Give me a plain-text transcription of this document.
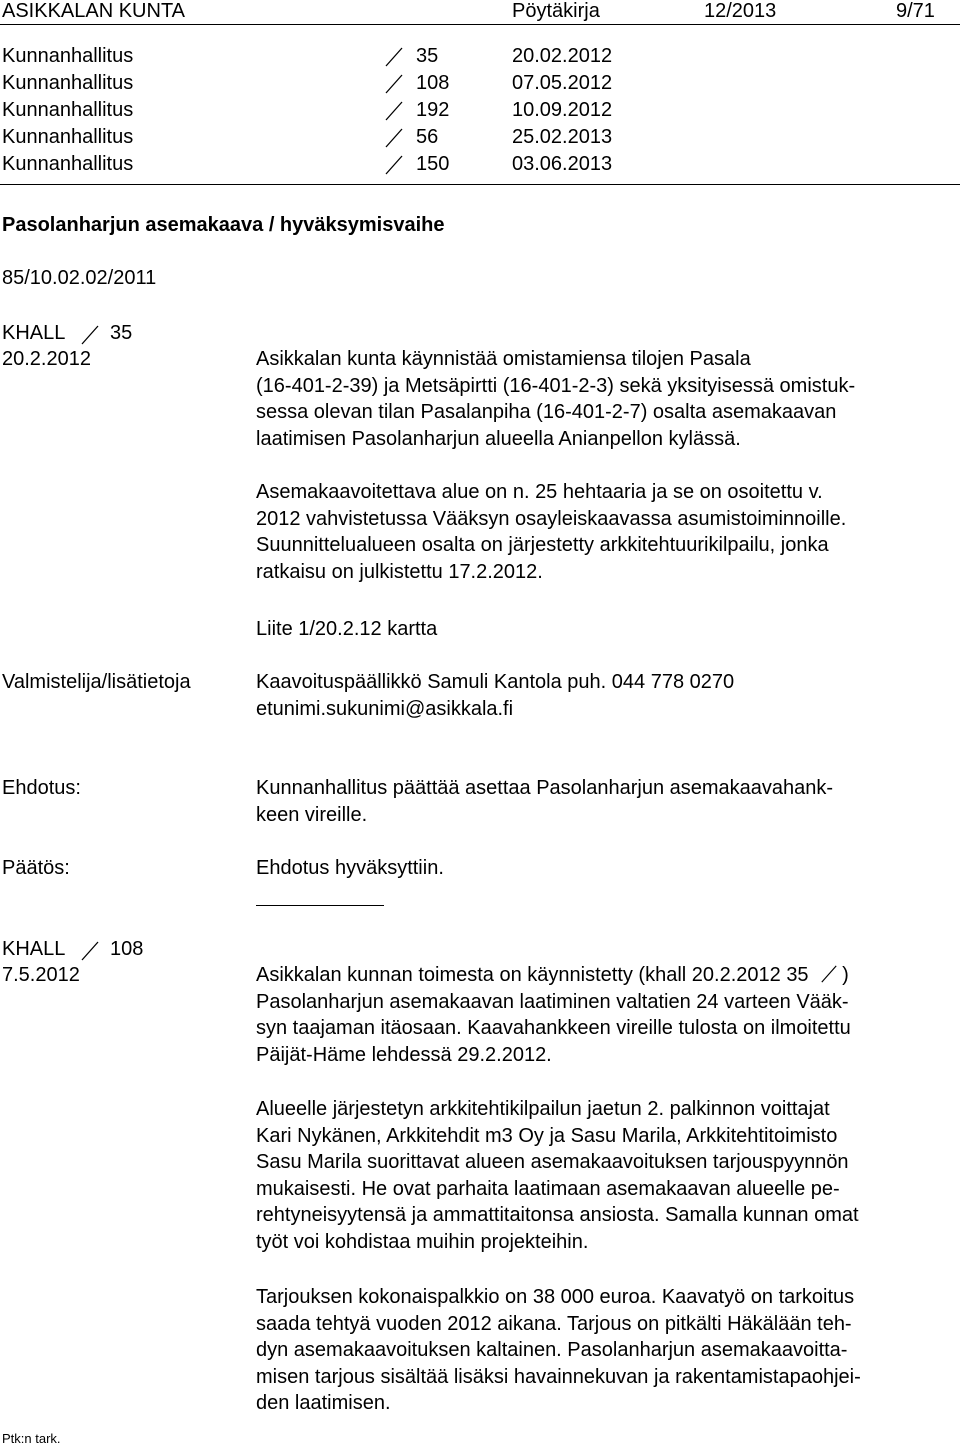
ASIKKALAN KUNTA	Pöytäkirja	12/2013	9/71
Kunnanhallitus	35	20.02.2012
Kunnanhallitus	108	07.05.2012
Kunnanhallitus	192	10.09.2012
Kunnanhallitus	56	25.02.2013
Kunnanhallitus	150	03.06.2013
Pasolanharjun asemakaava / hyväksymisvaihe
85/10.02.02/2011
KHALL 35
20.2.2012	Asikkalan kunta käynnistää omistamiensa tilojen Pasala
(16-401-2-39) ja Metsäpirtti (16-401-2-3) sekä yksityisessä omistuk-
sessa olevan tilan Pasalanpiha (16-401-2-7) osalta asemakaavan
laatimisen Pasolanharjun alueella Anianpellon kylässä.
Asemakaavoitettava alue on n. 25 hehtaaria ja se on osoitettu v.
2012 vahvistetussa Vääksyn osayleiskaavassa asumistoiminnoille.
Suunnittelualueen osalta on järjestetty arkkitehtuurikilpailu, jonka
ratkaisu on julkistettu 17.2.2012.
Liite 1/20.2.12 kartta
Valmistelija/lisätietoja	Kaavoituspäällikkö Samuli Kantola puh. 044 778 0270
etunimi.sukunimi@asikkala.fi
Ehdotus:	Kunnanhallitus päättää asettaa Pasolanharjun asemakaavahank-
keen vireille.
Päätös:	Ehdotus hyväksyttiin.
KHALL 108
7.5.2012	Asikkalan kunnan toimesta on käynnistetty (khall 20.2.2012 35 )
Pasolanharjun asemakaavan laatiminen valtatien 24 varteen Vääk-
syn taajaman itäosaan. Kaavahankkeen vireille tulosta on ilmoitettu
Päijät-Häme lehdessä 29.2.2012.
Alueelle järjestetyn arkkitehtikilpailun jaetun 2. palkinnon voittajat
Kari Nykänen, Arkkitehdit m3 Oy ja Sasu Marila, Arkkitehtitoimisto
Sasu Marila suorittavat alueen asemakaavoituksen tarjouspyynnön
mukaisesti. He ovat parhaita laatimaan asemakaavan alueelle pe-
rehtyneisyytensä ja ammattitaitonsa ansiosta. Samalla kunnan omat
työt voi kohdistaa muihin projekteihin.
Tarjouksen kokonaispalkkio on 38 000 euroa. Kaavatyö on tarkoitus
saada tehtyä vuoden 2012 aikana. Tarjous on pitkälti Häkälään teh-
dyn asemakaavoituksen kaltainen. Pasolanharjun asemakaavoitta-
misen tarjous sisältää lisäksi havainnekuvan ja rakentamistapaohjei-
den laatimisen.
Ptk:n tark.
